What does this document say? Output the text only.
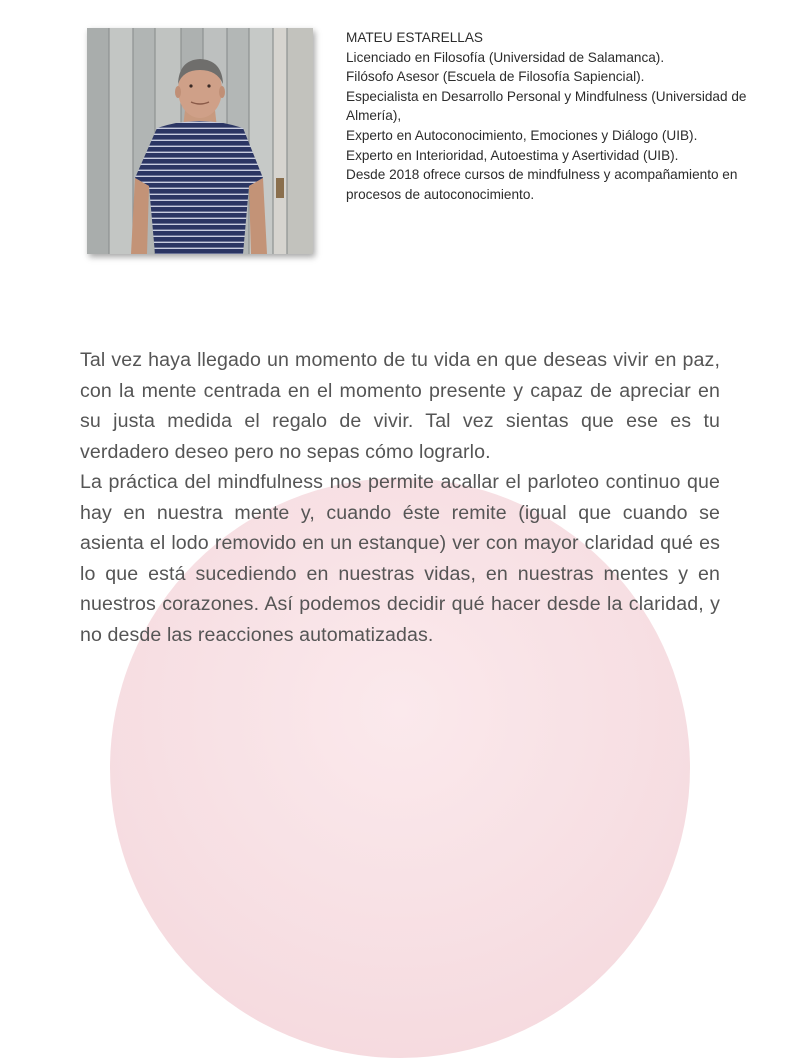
MATEU ESTARELLAS
Licenciado en Filosofía (Universidad de Salamanca).
Filósofo Asesor (Escuela de Filosofía Sapiencial).
Especialista en Desarrollo Personal y Mindfulness (Universidad de Almería),
Experto en Autoconocimiento, Emociones y Diálogo (UIB).
Experto en Interioridad, Autoestima y Asertividad (UIB).
Desde 2018 ofrece cursos de mindfulness y acompañamiento en procesos de autoconocimiento.

Tal vez haya llegado un momento de tu vida en que deseas vivir en paz, con la mente centrada en el momento presente y capaz de apreciar en su justa medida el regalo de vivir. Tal vez sientas que ese es tu verdadero deseo pero no sepas cómo lograrlo.

La práctica del mindfulness nos permite acallar el parloteo continuo que hay en nuestra mente y, cuando éste remite (igual que cuando se asienta el lodo removido en un estanque) ver con mayor claridad qué es lo que está sucediendo en nuestras vidas, en nuestras mentes y en nuestros corazones. Así podemos decidir qué hacer desde la claridad, y no desde las reacciones automatizadas.
